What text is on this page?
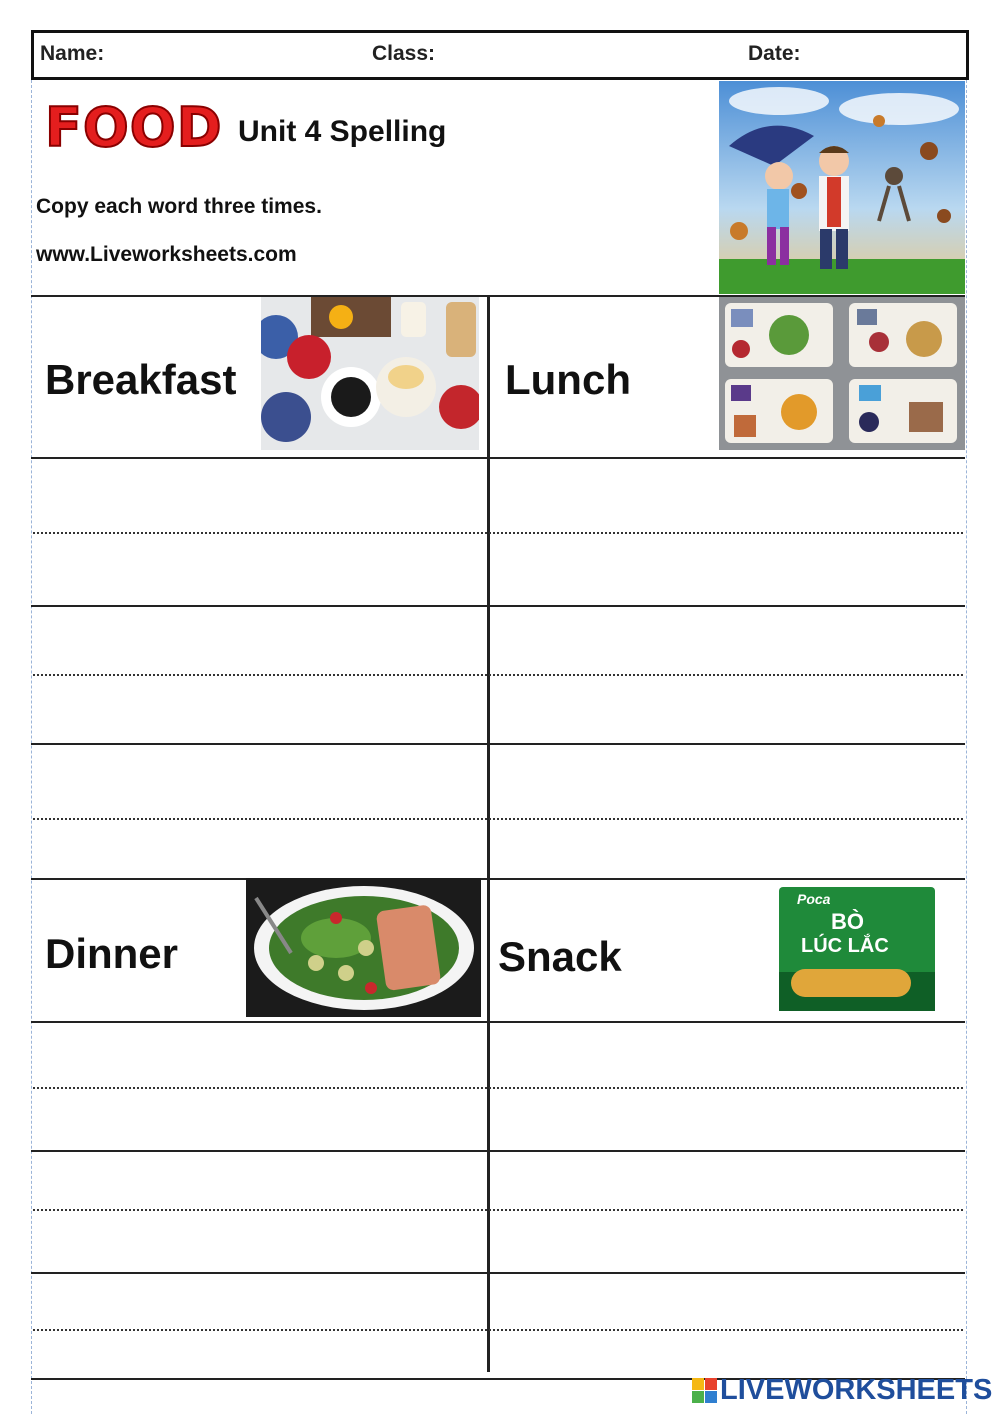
Name:	Class:	Date:
FOOD Unit 4 Spelling
Copy each word three times.
www.Liveworksheets.com
Breakfast	Lunch
Dinner	Snack
Poca
BÒ
LÚC LẮC
LIVEWORKSHEETS
